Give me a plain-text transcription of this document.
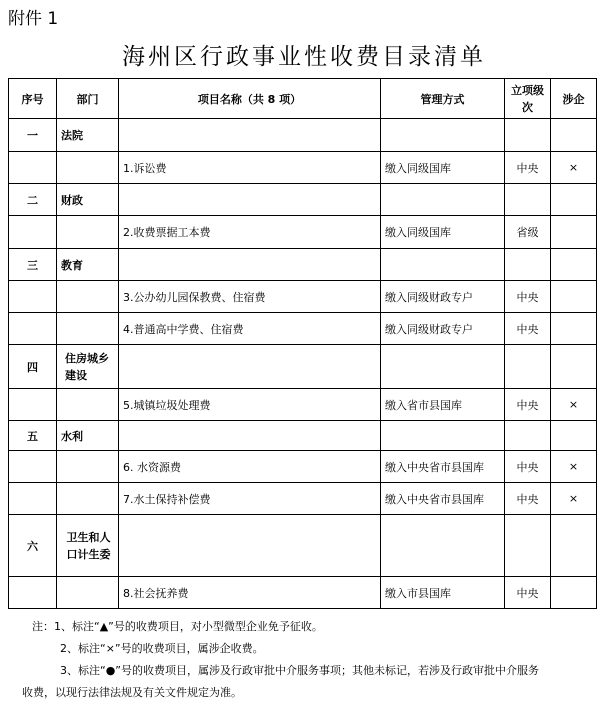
附件 1
海州区行政事业性收费目录清单
序号	部门	项目名称（共 8 项）	管理方式	立项级次	涉企
一	法院				
		1.诉讼费	缴入同级国库	中央	×
二	财政				
		2.收费票据工本费	缴入同级国库	省级	
三	教育				
		3.公办幼儿园保教费、住宿费	缴入同级财政专户	中央	
		4.普通高中学费、住宿费	缴入同级财政专户	中央	
四	住房城乡建设				
		5.城镇垃圾处理费	缴入省市县国库	中央	×
五	水利				
		6. 水资源费	缴入中央省市县国库	中央	×
		7.水土保持补偿费	缴入中央省市县国库	中央	×
六	卫生和人口计生委				
		8.社会抚养费	缴入市县国库	中央	
注：1、标注“▲”号的收费项目，对小型微型企业免予征收。
2、标注“×”号的收费项目，属涉企收费。
3、标注“●”号的收费项目，属涉及行政审批中介服务事项；其他未标记，若涉及行政审批中介服务
收费，以现行法律法规及有关文件规定为准。
